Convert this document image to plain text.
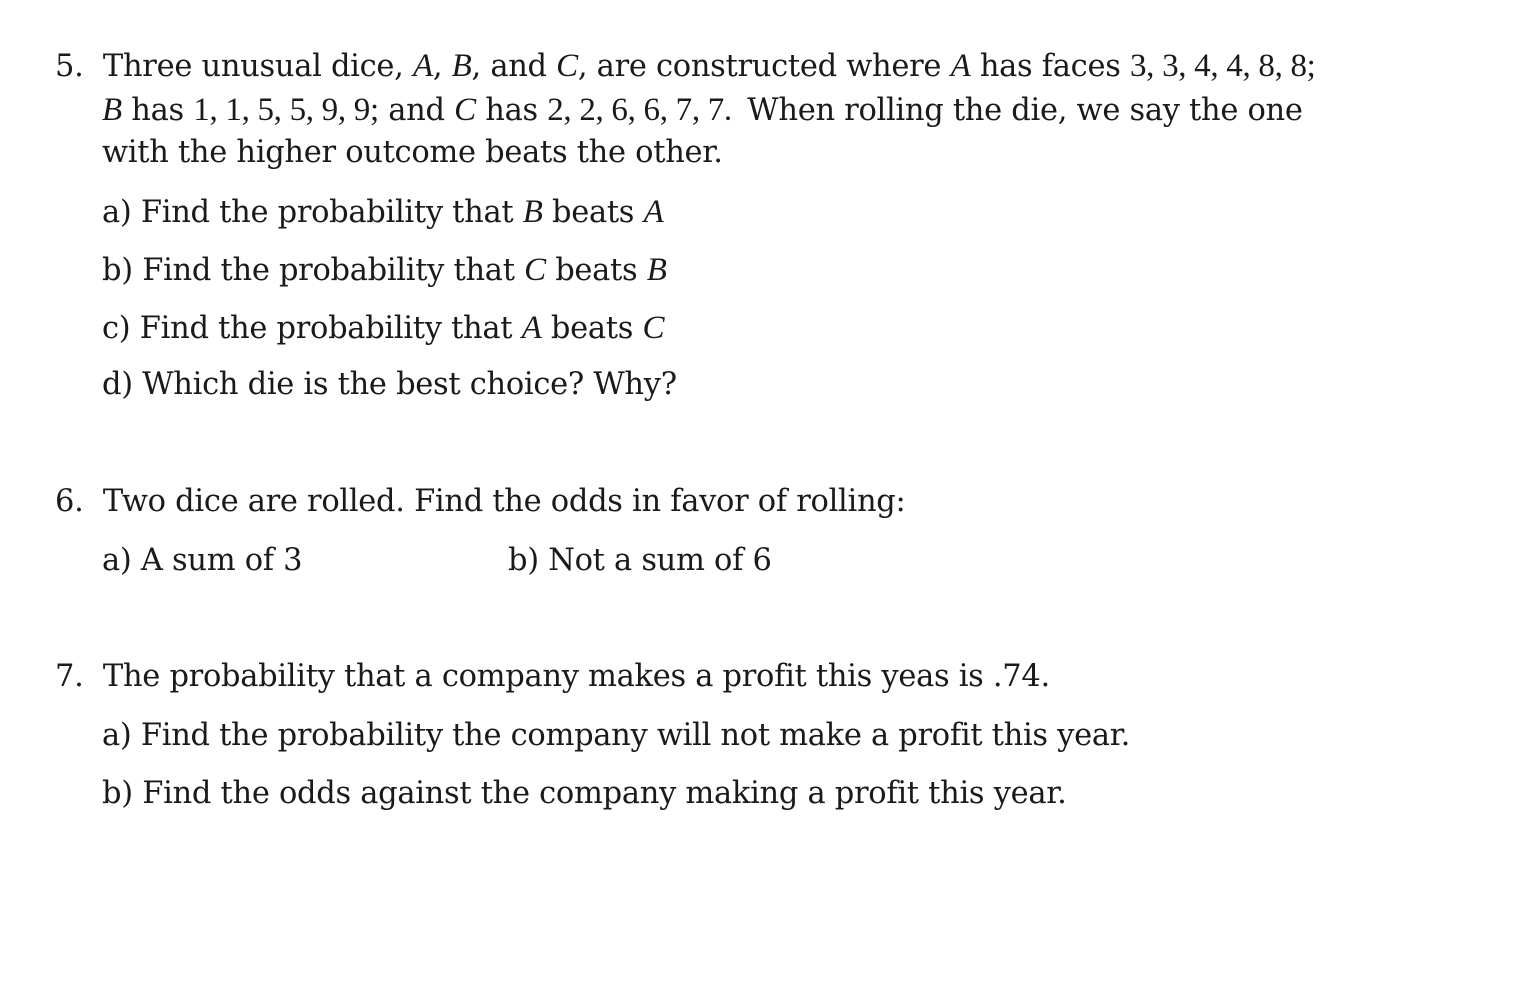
5. Three unusual dice, A, B, and C, are constructed where A has faces 3, 3, 4, 4, 8, 8;
B has 1, 1, 5, 5, 9, 9; and C has 2, 2, 6, 6, 7, 7. When rolling the die, we say the one
with the higher outcome beats the other.
a) Find the probability that B beats A
b) Find the probability that C beats B
c) Find the probability that A beats C
d) Which die is the best choice? Why?
6. Two dice are rolled. Find the odds in favor of rolling:
a) A sum of 3	b) Not a sum of 6
7. The probability that a company makes a profit this yeas is .74.
a) Find the probability the company will not make a profit this year.
b) Find the odds against the company making a profit this year.
